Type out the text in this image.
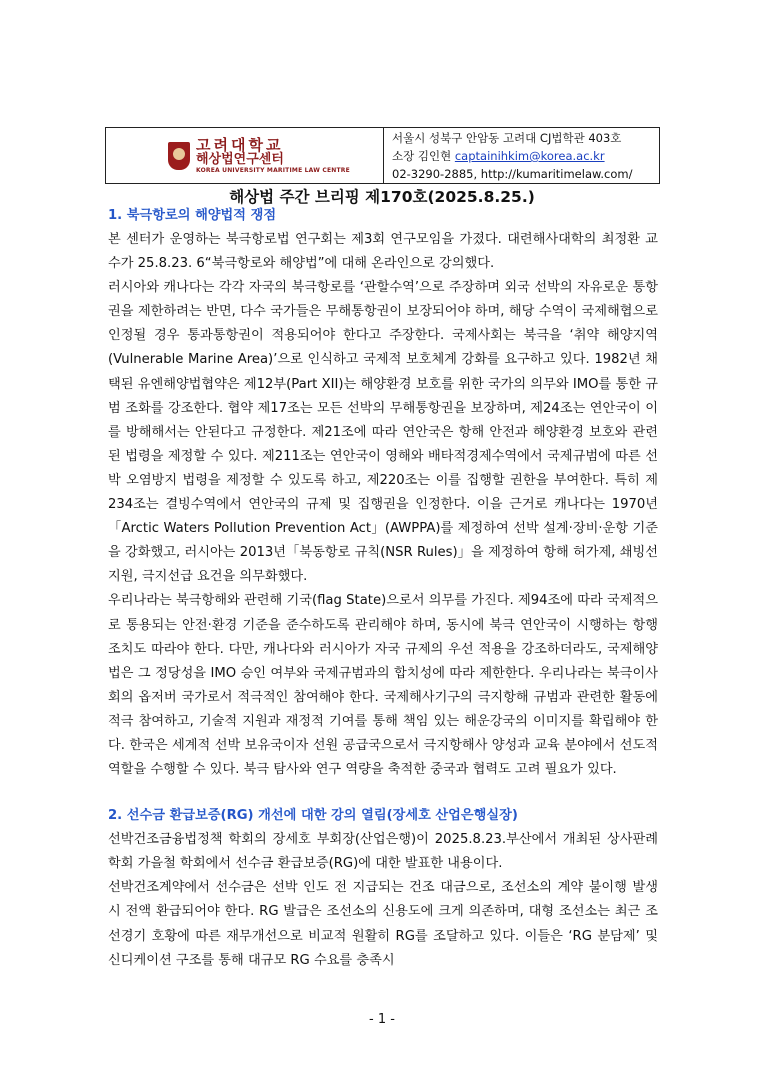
고려대학교
해상법연구센터
KOREA UNIVERSITY MARITIME LAW CENTRE
서울시 성북구 안암동 고려대 CJ법학관 403호
소장 김인현 captainihkim@korea.ac.kr
02-3290-2885, http://kumaritimelaw.com/
해상법 주간 브리핑 제170호(2025.8.25.)
1. 북극항로의 해양법적 쟁점

본 센터가 운영하는 북극항로법 연구회는 제3회 연구모임을 가졌다. 대련해사대학의 최정환 교수가 25.8.23. 6“북극항로와 해양법”에 대해 온라인으로 강의했다.

러시아와 캐나다는 각각 자국의 북극항로를 ‘관할수역’으로 주장하며 외국 선박의 자유로운 통항권을 제한하려는 반면, 다수 국가들은 무해통항권이 보장되어야 하며, 해당 수역이 국제해협으로 인정될 경우 통과통항권이 적용되어야 한다고 주장한다. 국제사회는 북극을 ‘취약 해양지역(Vulnerable Marine Area)’으로 인식하고 국제적 보호체계 강화를 요구하고 있다. 1982년 채택된 유엔해양법협약은 제12부(Part XII)는 해양환경 보호를 위한 국가의 의무와 IMO를 통한 규범 조화를 강조한다. 협약 제17조는 모든 선박의 무해통항권을 보장하며, 제24조는 연안국이 이를 방해해서는 안된다고 규정한다. 제21조에 따라 연안국은 항해 안전과 해양환경 보호와 관련된 법령을 제정할 수 있다. 제211조는 연안국이 영해와 배타적경제수역에서 국제규범에 따른 선박 오염방지 법령을 제정할 수 있도록 하고, 제220조는 이를 집행할 권한을 부여한다. 특히 제234조는 결빙수역에서 연안국의 규제 및 집행권을 인정한다. 이을 근거로 캐나다는 1970년「Arctic Waters Pollution Prevention Act」(AWPPA)를 제정하여 선박 설계·장비·운항 기준을 강화했고, 러시아는 2013년「북동항로 규칙(NSR Rules)」을 제정하여 항해 허가제, 쇄빙선 지원, 극지선급 요건을 의무화했다.

우리나라는 북극항해와 관련해 기국(flag State)으로서 의무를 가진다. 제94조에 따라 국제적으로 통용되는 안전·환경 기준을 준수하도록 관리해야 하며, 동시에 북극 연안국이 시행하는 항행조치도 따라야 한다. 다만, 캐나다와 러시아가 자국 규제의 우선 적용을 강조하더라도, 국제해양법은 그 정당성을 IMO 승인 여부와 국제규범과의 합치성에 따라 제한한다. 우리나라는 북극이사회의 옵저버 국가로서 적극적인 참여해야 한다. 국제해사기구의 극지항해 규범과 관련한 활동에 적극 참여하고, 기술적 지원과 재정적 기여를 통해 책임 있는 해운강국의 이미지를 확립해야 한다. 한국은 세계적 선박 보유국이자 선원 공급국으로서 극지항해사 양성과 교육 분야에서 선도적 역할을 수행할 수 있다. 북극 탐사와 연구 역량을 축적한 중국과 협력도 고려 필요가 있다.

2. 선수금 환급보증(RG) 개선에 대한 강의 열림(장세호 산업은행실장)

선박건조금융법정책 학회의 장세호 부회장(산업은행)이 2025.8.23.부산에서 개최된 상사판례학회 가을철 학회에서 선수금 환급보증(RG)에 대한 발표한 내용이다.

선박건조계약에서 선수금은 선박 인도 전 지급되는 건조 대금으로, 조선소의 계약 불이행 발생 시 전액 환급되어야 한다. RG 발급은 조선소의 신용도에 크게 의존하며, 대형 조선소는 최근 조선경기 호황에 따른 재무개선으로 비교적 원활히 RG를 조달하고 있다. 이들은 ‘RG 분담제’ 및 신디케이션 구조를 통해 대규모 RG 수요를 충족시

- 1 -
